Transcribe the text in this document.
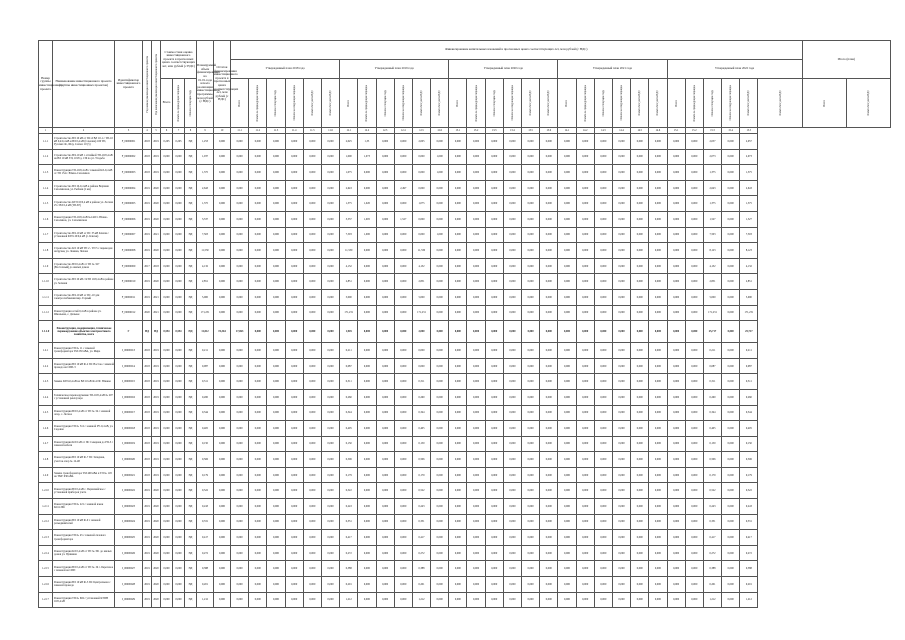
Номер группы инвестиционного проекта	Наименование инвестиционного проекта (группы инвестиционных проектов)	Идентификатор инвестиционного проекта	Год начала реализации инвестиционного проекта	Год окончания реализации инвестиционного проекта	Стоимостная оценка инвестиционного проекта в прогнозных ценах соответствующих лет, млн рублей (с НДС)			Планируемый объем финансирования на 01.01.года начала реализации инвестиционной программы, млн рублей (с НДС)	Остаток финансирования инвестиционного проекта в прогнозных ценах соответствующих лет, млн рублей (с НДС)	Финансирование капитальных вложений в прогнозных ценах соответствующих лет, млн рублей (с НДС)																														Итого (план)	
										Утвержденный план 2018 года						Утвержденный план 2019 года						Утвержденный план 2020 года						Утвержденный план 2021 года						Утвержденный план 2022 года							
					Всего	Оплата за предыдущие периоды	Оплата в текущем году			Всего	Оплата за предыдущие периоды	Оплата в текущем году	Оплата за следующие периоды	Оплата без учета НДС	Оплата без учета НДС	Всего	Оплата за предыдущие периоды	Оплата в текущем году	Оплата за следующие периоды	Оплата без учета НДС	Оплата без учета НДС	Всего	Оплата за предыдущие периоды	Оплата в текущем году	Оплата за следующие периоды	Оплата без учета НДС	Оплата без учета НДС	Всего	Оплата за предыдущие периоды	Оплата в текущем году	Оплата за следующие периоды	Оплата без учета НДС	Оплата без учета НДС	Всего	Оплата за предыдущие периоды	Оплата в текущем году	Оплата за следующие периоды	Оплата без учета НДС	Оплата без учета НДС	Всего	Оплата без учета НДС

1	2	3	4	5	6	7	8	9	10	11.1	11.2	11.3	11.4	11.5	11.6	12.1	12.2	12.3	12.4	12.5	12.6	13.1	13.2	13.3	13.4	13.5	13.6	14.1	14.2	14.3	14.4	14.5	14.6	15.1	15.2	15.3	15.4	15.5			
1.1.1	Строительство ВЛ 10 кВ от ПС-6 ВЛ 10-1 с ТП-10 кВ 0,4/0,4 кВ и ВЛ 0,4 кВ (Сахалин) 160 ТП, Русских Ф., Шоу, Совхоз 10 (5)	F_00000001	2018	2019	0,295	0,295	НД	1,253	0,000	0,000	0,000	0,000	0,000	0,000	0,000	2,025	1,35	0,000	0,000	2,005	0,000	0,000	0,000	0,000	0,000	0,000	0,000	0,000	0,000	0,000	0,000	0,000	0,000	0,000	0,000	2,057	0,000	2,057			
1.1.2	Строительство ВЛ-10 кВ с отпайкой ТП-10/0,4 кВ на ВЛ 10 кВ ТП, 1018 д. 136 по ул. Усадьба	F_00000002	2018	2019	0,000	0,000	НД	1,037	0,000	0,000	0,000	0,000	0,000	0,000	0,000	1,000	1,073	0,000	0,000	0,000	1,000	0,000	0,000	0,000	0,000	0,000	0,000	0,000	0,000	0,000	0,000	0,000	0,000	0,000	0,000	2,073	0,000	2,073			
1.1.3	Реконструкция ТП-10/0,4 кВ с заменой КЛ-0,4 кВ от ТП 154 г. Южно-Сахалинск	F_00000003	2018	2019	0,000	0,000	НД	1,375	0,000	0,000	0,000	0,000	0,000	0,000	0,000	1,075	0,000	0,000	0,000	0,000	1,000	0,000	0,000	0,000	0,000	0,000	0,000	0,000	0,000	0,000	0,000	0,000	0,000	0,000	0,000	1,375	0,000	1,375			
1.1.4	Строительство ВЛ 10-0,4 кВ в районе Верхняя Сахалинская, ул. Рыбная (2 км)	F_00000004	2019	2020	0,000	0,000	НД	2,643	0,000	0,000	0,000	0,000	0,000	0,000	0,000	2,643	0,000	0,000	2,497	0,000	0,000	0,000	0,000	0,000	0,000	0,000	0,000	0,000	0,000	0,000	0,000	0,000	0,000	0,000	0,000	2,643	0,000	2,643			
1.1.5	Строительство КТП 10/0,4 кВ в районе ул. Лесная 25 с ВЛ 0,4 кВ (ТП-Б7)	F_00000005	2019	2020	0,000	0,000	НД	1,375	0,000	0,000	0,000	0,000	0,000	0,000	0,000	1,375	1,020	0,000	0,000	1,075	0,000	0,000	0,000	0,000	0,000	0,000	0,000	0,000	0,000	0,000	0,000	0,000	0,000	0,000	0,000	1,375	0,000	1,375			
1.1.6	Реконструкция ТП-10/0,4 кВ №1420 г. Южно-Сахалинск, ул. Сахалинская	F_00000006	2019	2020	0,000	0,000	НД	3,537	0,000	0,000	0,000	0,000	0,000	0,000	0,000	3,537	1,005	0,000	1,527	0,000	0,000	0,000	0,000	0,000	0,000	0,000	0,000	0,000	0,000	0,000	0,000	0,000	0,000	0,000	0,000	1,527	0,000	1,527			
1.1.7	Строительство ВЛ-10 кВ от ПС 35 кВ Ключи с установкой КТП-10/0,4 кВ (с. Ключи)	F_00000007	2019	2021	0,000	0,000	НД	7,503	0,000	0,000	0,000	0,000	0,000	0,000	0,000	7,503	1,000	0,000	0,000	0,000	1,000	0,000	0,000	0,000	0,000	0,000	0,000	0,000	0,000	0,000	0,000	0,000	0,000	0,000	0,000	7,503	0,000	7,503			
1.1.8	Строительство КЛ 10 кВ ТП 2 - ТП 5 с переводом нагрузки, ул. Ленина, Чехова	F_00000008	2019	2020	0,000	0,000	НД	11,530	0,000	0,000	0,000	0,000	0,000	0,000	0,000	11,530	0,000	0,000	0,000	11,530	0,000	0,000	0,000	0,000	0,000	0,000	0,000	0,000	0,000	0,000	0,000	0,000	0,000	0,000	0,000	8,123	0,000	8,123			
1.1.9	Строительство ВЛ 0,4 кВ от ТП № 327 (Восточный) до жилых домов	F_00000009	2017	2018	0,000	0,000	НД	4,132	0,000	0,000	0,000	0,000	0,000	0,000	0,000	4,132	0,000	0,000	0,000	4,132	0,000	0,000	0,000	0,000	0,000	0,000	0,000	0,000	0,000	0,000	0,000	0,000	0,000	0,000	0,000	4,132	0,000	4,132			
1.1.10	Строительство ВЛ 10 кВ с КТП 10/0,4 кВ в районе ул. Зеленая	F_00000010	2019	2020	0,000	0,000	НД	2,851	0,000	0,000	0,000	0,000	0,000	0,000	0,000	2,851	0,000	0,000	0,000	2,851	0,000	0,000	0,000	0,000	0,000	0,000	0,000	0,000	0,000	0,000	0,000	0,000	0,000	0,000	0,000	2,851	0,000	2,851			
1.1.11	Строительство ВЛ-10 кВ от ПС-10 для электроснабжения мкр. Горный	F_00000011	2019	2021	0,000	0,000	НД	5,000	0,000	0,000	0,000	0,000	0,000	0,000	0,000	5,000	0,000	0,000	0,000	5,000	0,000	0,000	0,000	0,000	0,000	0,000	0,000	0,000	0,000	0,000	0,000	0,000	0,000	0,000	0,000	5,000	0,000	5,000			
1.1.12	Реконструкция сетей 0,4 кВ в районе ул. Школьная, с. Дальнее	F_00000012	2020	2021	0,000	0,000	НД	171,231	0,000	0,000	0,000	0,000	0,000	0,000	0,000	171,231	0,000	0,000	0,000	171,231	0,000	0,000	0,000	0,000	0,000	0,000	0,000	0,000	0,000	0,000	0,000	0,000	0,000	0,000	0,000	171,231	0,000	171,231			
1.1.2.0	Реконструкция, модернизация, техническое перевооружение объектов электросетевого хозяйства, всего	Г	НД	НД	0,554	0,554	НД	11,012	19,364	17,063	0,000	0,000	0,000	0,000	0,000	1,945	0,000	0,000	0,000	2,000	0,000	0,000	0,000	0,000	0,000	0,000	0,000	0,000	0,000	0,000	0,000	0,000	0,000	0,000	0,000	25,717	0,000	25,717			
1.2.1	Реконструкция ТП № 11 с заменой трансформатора ТМ 250 кВА, ул. Мира	I_00000013	2018	2019	0,000	0,000	НД	0,211	0,000	0,000	0,000	0,000	0,000	0,000	0,000	0,211	0,000	0,000	0,000	0,000	0,000	0,000	0,000	0,000	0,000	0,000	0,000	0,000	0,000	0,000	0,000	0,000	0,000	0,000	0,000	0,211	0,000	0,211			
1.2.2	Реконструкция ВЛ 10 кВ Ф-2 ПС Восток с заменой провода на СИП-3	I_00000014	2018	2019	0,000	0,000	НД	0,087	0,000	0,000	0,000	0,000	0,000	0,000	0,000	0,087	0,000	0,000	0,000	0,000	0,000	0,000	0,000	0,000	0,000	0,000	0,000	0,000	0,000	0,000	0,000	0,000	0,000	0,000	0,000	0,087	0,000	0,087			
1.2.3	Замена КТП-0,4 кВ на ВЛ 10 кВ Ф-4 ПС Южная	I_00000015	2018	2019	0,000	0,000	НД	0,311	0,000	0,000	0,000	0,000	0,000	0,000	0,000	0,311	0,000	0,000	0,000	0,311	0,000	0,000	0,000	0,000	0,000	0,000	0,000	0,000	0,000	0,000	0,000	0,000	0,000	0,000	0,000	0,311	0,000	0,311			
1.2.4	Техническое перевооружение ТП-10/0,4 кВ № 207 с установкой реклоузера	I_00000016	2018	2019	0,000	0,000	НД	0,260	0,000	0,000	0,000	0,000	0,000	0,000	0,000	0,260	0,000	0,000	0,000	0,260	0,000	0,000	0,000	0,000	0,000	0,000	0,000	0,000	0,000	0,000	0,000	0,000	0,000	0,000	0,000	0,260	0,000	0,260			
1.2.5	Реконструкция ВЛ 0,4 кВ от ТП № 34 с заменой опор, с. Лесное	I_00000017	2018	2019	0,000	0,000	НД	0,344	0,000	0,000	0,000	0,000	0,000	0,000	0,000	0,344	0,000	0,000	0,000	0,344	0,000	0,000	0,000	0,000	0,000	0,000	0,000	0,000	0,000	0,000	0,000	0,000	0,000	0,000	0,000	0,344	0,000	0,344			
1.2.6	Реконструкция ТП № 512 с заменой РУ-0,4 кВ, ул. Садовая	I_00000018	2018	2019	0,000	0,000	НД	0,405	0,000	0,000	0,000	0,000	0,000	0,000	0,000	0,405	0,000	0,000	0,000	0,405	0,000	0,000	0,000	0,000	0,000	0,000	0,000	0,000	0,000	0,000	0,000	0,000	0,000	0,000	0,000	0,405	0,000	0,405			
1.2.7	Реконструкция КЛ 6 кВ от ПС Северная до РП-3 с заменой кабеля	I_00000019	2018	2019	0,000	0,000	НД	0,150	0,000	0,000	0,000	0,000	0,000	0,000	0,000	0,150	0,000	0,000	0,000	0,150	0,000	0,000	0,000	0,000	0,000	0,000	0,000	0,000	0,000	0,000	0,000	0,000	0,000	0,000	0,000	0,150	0,000	0,150			
1.2.8	Реконструкция ВЛ 10 кВ Ф-7 ПС Западная, участок опор № 12-48	I_00000020	2018	2019	0,000	0,000	НД	0,506	0,000	0,000	0,000	0,000	0,000	0,000	0,000	0,506	0,000	0,000	0,000	0,506	0,000	0,000	0,000	0,000	0,000	0,000	0,000	0,000	0,000	0,000	0,000	0,000	0,000	0,000	0,000	0,506	0,000	0,506			
1.2.9	Замена трансформатора ТМ 400 кВА в ТП № 118 на ТМГ 630 кВА	I_00000021	2018	2019	0,000	0,000	НД	0,179	0,000	0,000	0,000	0,000	0,000	0,000	0,000	0,179	0,000	0,000	0,000	0,179	0,000	0,000	0,000	0,000	0,000	0,000	0,000	0,000	0,000	0,000	0,000	0,000	0,000	0,000	0,000	0,179	0,000	0,179			
1.2.10	Реконструкция ВЛ 0,4 кВ с. Первомайское с установкой приборов учета	I_00000022	2019	2020	0,000	0,000	НД	0,522	0,000	0,000	0,000	0,000	0,000	0,000	0,000	0,522	0,000	0,000	0,000	0,522	0,000	0,000	0,000	0,000	0,000	0,000	0,000	0,000	0,000	0,000	0,000	0,000	0,000	0,000	0,000	0,522	0,000	0,522			
1.2.11	Реконструкция ТП № 221 с заменой ячеек КСО-366	I_00000023	2019	2020	0,000	0,000	НД	0,243	0,000	0,000	0,000	0,000	0,000	0,000	0,000	0,243	0,000	0,000	0,000	0,243	0,000	0,000	0,000	0,000	0,000	0,000	0,000	0,000	0,000	0,000	0,000	0,000	0,000	0,000	0,000	0,243	0,000	0,243			
1.2.12	Реконструкция ВЛ 10 кВ Ф-9 с заменой разъединителей	I_00000024	2019	2020	0,000	0,000	НД	0,331	0,000	0,000	0,000	0,000	0,000	0,000	0,000	0,331	0,000	0,000	0,000	0,331	0,000	0,000	0,000	0,000	0,000	0,000	0,000	0,000	0,000	0,000	0,000	0,000	0,000	0,000	0,000	0,331	0,000	0,331			
1.2.13	Реконструкция ТП № 45 с заменой силового трансформатора	I_00000025	2019	2020	0,000	0,000	НД	0,417	0,000	0,000	0,000	0,000	0,000	0,000	0,000	0,417	0,000	0,000	0,000	0,417	0,000	0,000	0,000	0,000	0,000	0,000	0,000	0,000	0,000	0,000	0,000	0,000	0,000	0,000	0,000	0,417	0,000	0,417			
1.2.14	Реконструкция КЛ 0,4 кВ от ТП № 301 до жилых домов ул. Пушкина	I_00000026	2019	2020	0,000	0,000	НД	0,272	0,000	0,000	0,000	0,000	0,000	0,000	0,000	0,272	0,000	0,000	0,000	0,272	0,000	0,000	0,000	0,000	0,000	0,000	0,000	0,000	0,000	0,000	0,000	0,000	0,000	0,000	0,000	0,272	0,000	0,272			
1.2.15	Реконструкция ВЛ 0,4 кВ от ТП № 19 с. Береговое с заменой на СИП	I_00000027	2019	2020	0,000	0,000	НД	0,388	0,000	0,000	0,000	0,000	0,000	0,000	0,000	0,388	0,000	0,000	0,000	0,388	0,000	0,000	0,000	0,000	0,000	0,000	0,000	0,000	0,000	0,000	0,000	0,000	0,000	0,000	0,000	0,388	0,000	0,388			
1.2.16	Реконструкция ВЛ 10 кВ Ф-3 ПС Центральная с заменой провода	I_00000028	2019	2020	0,000	0,000	НД	0,201	0,000	0,000	0,000	0,000	0,000	0,000	0,000	0,201	0,000	0,000	0,000	0,201	0,000	0,000	0,000	0,000	0,000	0,000	0,000	0,000	0,000	0,000	0,000	0,000	0,000	0,000	0,000	0,201	0,000	0,201			
1.2.17	Реконструкция ТП № 602 с установкой КТПН 10/0,4 кВ	I_00000029	2019	2020	0,000	0,000	НД	1,212	0,000	0,000	0,000	0,000	0,000	0,000	0,000	1,212	0,000	0,000	0,000	1,212	0,000	0,000	0,000	0,000	0,000	0,000	0,000	0,000	0,000	0,000	0,000	0,000	0,000	0,000	0,000	1,212	0,000	1,212			
